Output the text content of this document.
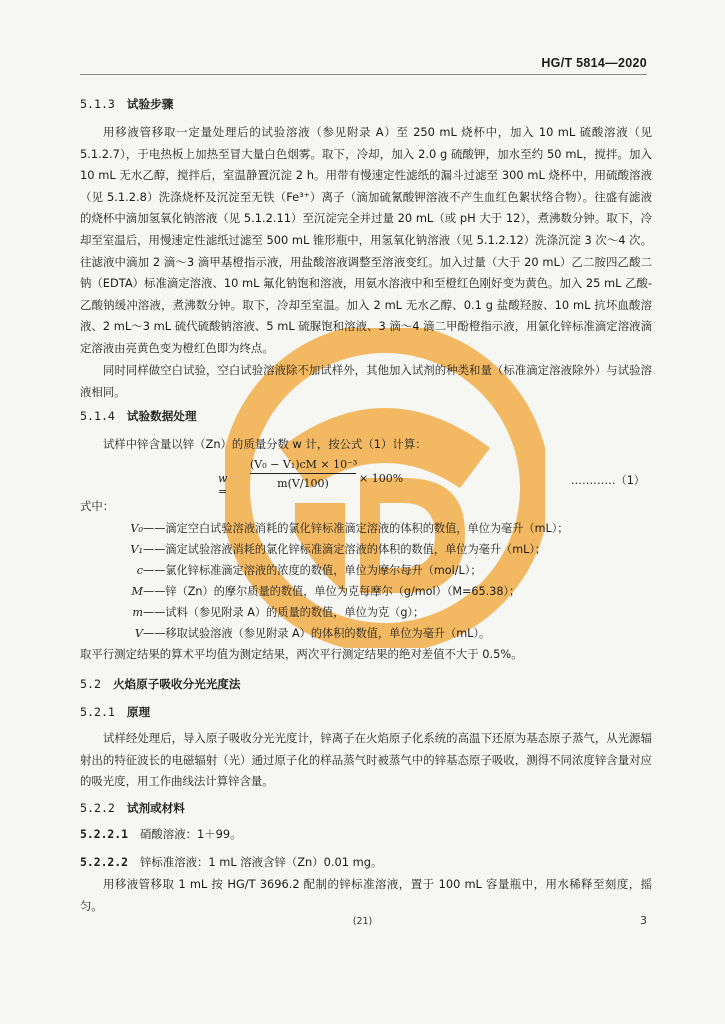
HG/T 5814—2020
5.1.3 试验步骤
用移液管移取一定量处理后的试验溶液（参见附录 A）至 250 mL 烧杯中，加入 10 mL 硫酸溶液（见 5.1.2.7），于电热板上加热至冒大量白色烟雾。取下，冷却，加入 2.0 g 硫酸钾，加水至约 50 mL，搅拌。加入 10 mL 无水乙醇，搅拌后，室温静置沉淀 2 h。用带有慢速定性滤纸的漏斗过滤至 300 mL 烧杯中，用硫酸溶液（见 5.1.2.8）洗涤烧杯及沉淀至无铁（Fe³⁺）离子（滴加硫氰酸钾溶液不产生血红色絮状络合物）。往盛有滤液的烧杯中滴加氢氧化钠溶液（见 5.1.2.11）至沉淀完全并过量 20 mL（或 pH 大于 12），煮沸数分钟。取下，冷却至室温后，用慢速定性滤纸过滤至 500 mL 锥形瓶中，用氢氧化钠溶液（见 5.1.2.12）洗涤沉淀 3 次～4 次。往滤液中滴加 2 滴～3 滴甲基橙指示液，用盐酸溶液调整至溶液变红。加入过量（大于 20 mL）乙二胺四乙酸二钠（EDTA）标准滴定溶液、10 mL 氟化钠饱和溶液，用氨水溶液中和至橙红色刚好变为黄色。加入 25 mL 乙酸-乙酸钠缓冲溶液，煮沸数分钟。取下，冷却至室温。加入 2 mL 无水乙醇、0.1 g 盐酸羟胺、10 mL 抗坏血酸溶液、2 mL～3 mL 硫代硫酸钠溶液、5 mL 硫脲饱和溶液、3 滴～4 滴二甲酚橙指示液，用氯化锌标准滴定溶液滴定溶液由亮黄色变为橙红色即为终点。
同时同样做空白试验，空白试验溶液除不加试样外，其他加入试剂的种类和量（标准滴定溶液除外）与试验溶液相同。
5.1.4 试验数据处理
试样中锌含量以锌（Zn）的质量分数 w 计，按公式（1）计算：
w =
(V₀ − V₁)cM × 10⁻³
m(V/100)	× 100%	…………（1）
式中：
V₀——滴定空白试验溶液消耗的氯化锌标准滴定溶液的体积的数值，单位为毫升（mL）；
V₁——滴定试验溶液消耗的氯化锌标准滴定溶液的体积的数值，单位为毫升（mL）；
c——氯化锌标准滴定溶液的浓度的数值，单位为摩尔每升（mol/L）；
M——锌（Zn）的摩尔质量的数值，单位为克每摩尔（g/mol）（M=65.38）；
m——试料（参见附录 A）的质量的数值，单位为克（g）；
V——移取试验溶液（参见附录 A）的体积的数值，单位为毫升（mL）。
取平行测定结果的算术平均值为测定结果，两次平行测定结果的绝对差值不大于 0.5%。
5.2 火焰原子吸收分光光度法
5.2.1 原理
试样经处理后，导入原子吸收分光光度计，锌离子在火焰原子化系统的高温下还原为基态原子蒸气，从光源辐射出的特征波长的电磁辐射（光）通过原子化的样品蒸气时被蒸气中的锌基态原子吸收，测得不同浓度锌含量对应的吸光度，用工作曲线法计算锌含量。
5.2.2 试剂或材料
5.2.2.1 硝酸溶液：1＋99。
5.2.2.2 锌标准溶液：1 mL 溶液含锌（Zn）0.01 mg。
用移液管移取 1 mL 按 HG/T 3696.2 配制的锌标准溶液，置于 100 mL 容量瓶中，用水稀释至刻度，摇匀。
(21)	3
